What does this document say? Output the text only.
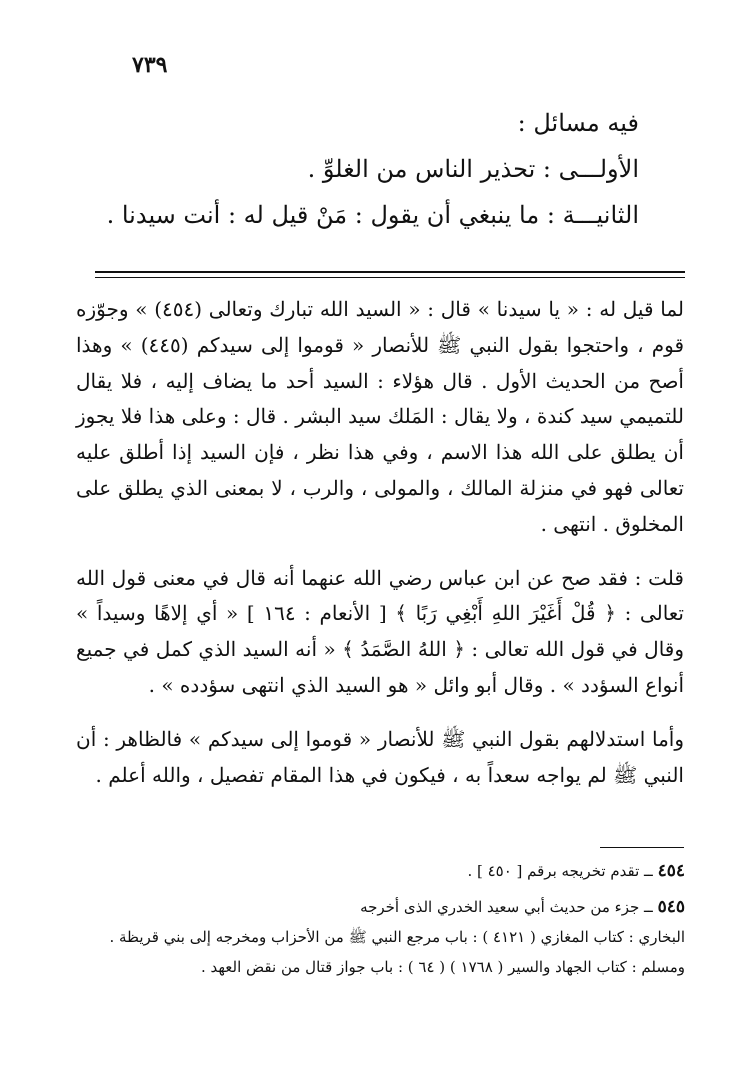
٧٣٩
فيه مسائل :
الأولـــى : تحذير الناس من الغلوِّ .
الثانيـــة : ما ينبغي أن يقول : مَنْ قيل له : أنت سيدنا .

لما قيل له : « يا سيدنا » قال : « السيد الله تبارك وتعالى (٤٥٤) » وجوّزه قوم ، واحتجوا بقول النبي ﷺ للأنصار « قوموا إلى سيدكم (٤٤٥) » وهذا أصح من الحديث الأول . قال هؤلاء : السيد أحد ما يضاف إليه ، فلا يقال للتميمي سيد كندة ، ولا يقال : المَلك سيد البشر . قال : وعلى هذا فلا يجوز أن يطلق على الله هذا الاسم ، وفي هذا نظر ، فإن السيد إذا أطلق عليه تعالى فهو في منزلة المالك ، والمولى ، والرب ، لا بمعنى الذي يطلق على المخلوق . انتهى .

قلت : فقد صح عن ابن عباس رضي الله عنهما أنه قال في معنى قول الله تعالى : ﴿ قُلْ أَغَيْرَ اللهِ أَبْغِي رَبًا ﴾ [ الأنعام : ١٦٤ ] « أي إلاهًا وسيداً » وقال في قول الله تعالى : ﴿ اللهُ الصَّمَدُ ﴾ « أنه السيد الذي كمل في جميع أنواع السؤدد » . وقال أبو وائل « هو السيد الذي انتهى سؤدده » .

وأما استدلالهم بقول النبي ﷺ للأنصار « قوموا إلى سيدكم » فالظاهر : أن النبي ﷺ لم يواجه سعداً به ، فيكون في هذا المقام تفصيل ، والله أعلم .

٤٥٤ ــ تقدم تخريجه برقم [ ٤٥٠ ] .

٥٤٥ ــ جزء من حديث أبي سعيد الخدري الذى أخرجه

البخاري : كتاب المغازي ( ٤١٢١ ) : باب مرجع النبي ﷺ من الأحزاب ومخرجه إلى بني قريظة .

ومسلم : كتاب الجهاد والسير ( ١٧٦٨ ) ( ٦٤ ) : باب جواز قتال من نقض العهد .
